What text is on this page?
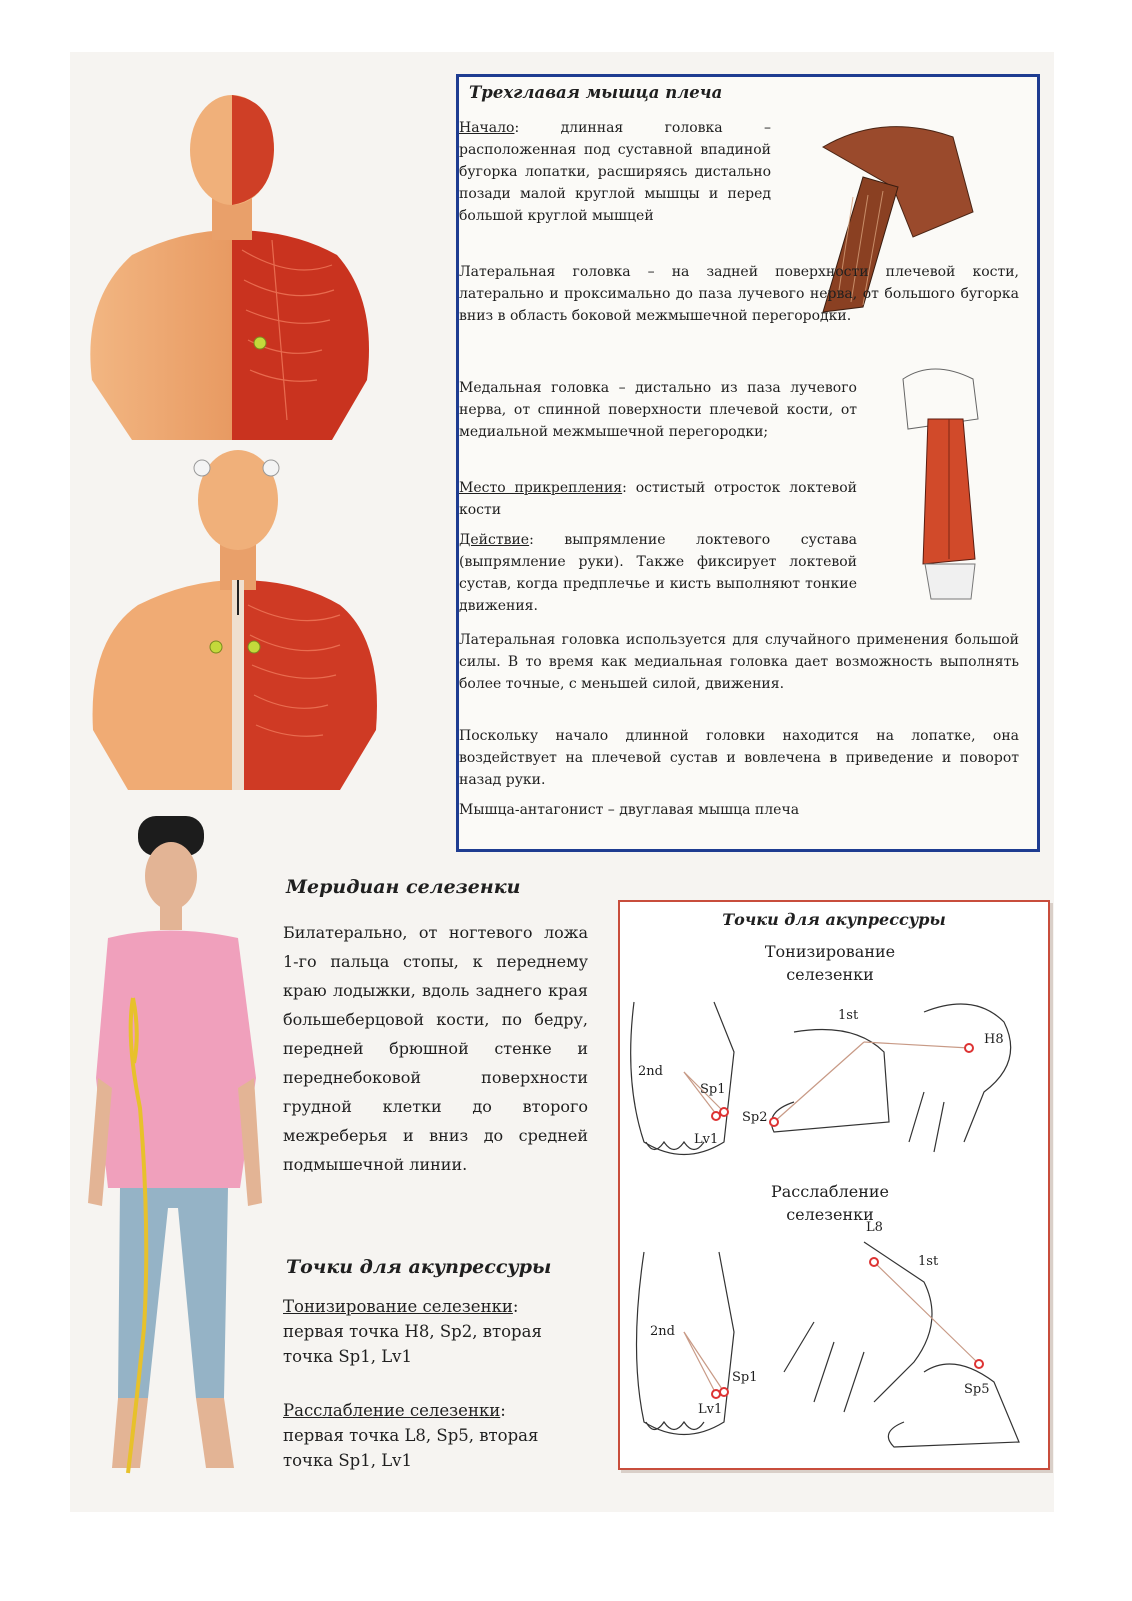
Трехглавая мышца плеча

Начало: длинная головка – расположенная под суставной впадиной бугорка лопатки, расширяясь дистально позади малой круглой мышцы и перед большой круглой мышцей

Латеральная головка – на задней поверхности плечевой кости, латерально и проксимально до паза лучевого нерва, от большого бугорка вниз в область боковой межмышечной перегородки.

Медальная головка – дистально из паза лучевого нерва, от спинной поверхности плечевой кости, от медиальной межмышечной перегородки;

Место прикрепления: остистый отросток локтевой кости

Действие: выпрямление локтевого сустава (выпрямление руки). Также фиксирует локтевой сустав, когда предплечье и кисть выполняют тонкие движения.

Латеральная головка используется для случайного применения большой силы. В то время как медиальная головка дает возможность выполнять более точные, с меньшей силой, движения.

Поскольку начало длинной головки находится на лопатке, она воздействует на плечевой сустав и вовлечена в приведение и поворот назад руки.

Мышца-антагонист – двуглавая мышца плеча

Меридиан селезенки

Билатерально, от ногтевого ложа 1-го пальца стопы, к переднему краю лодыжки, вдоль заднего края большеберцовой кости, по бедру, передней брюшной стенке и переднебоковой поверхности грудной клетки до второго межреберья и вниз до средней подмышечной линии.

Точки для акупрессуры

Тонизирование селезенки:
первая точка H8, Sp2, вторая точка Sp1, Lv1

Расслабление селезенки:
первая точка L8, Sp5, вторая точка Sp1, Lv1

Точки для акупрессуры
Тонизирование
селезенки
Расслабление
селезенки
2nd
Sp1
Lv1
Sp2
1st
H8
2nd
Sp1
Lv1
L8
1st
Sp5
